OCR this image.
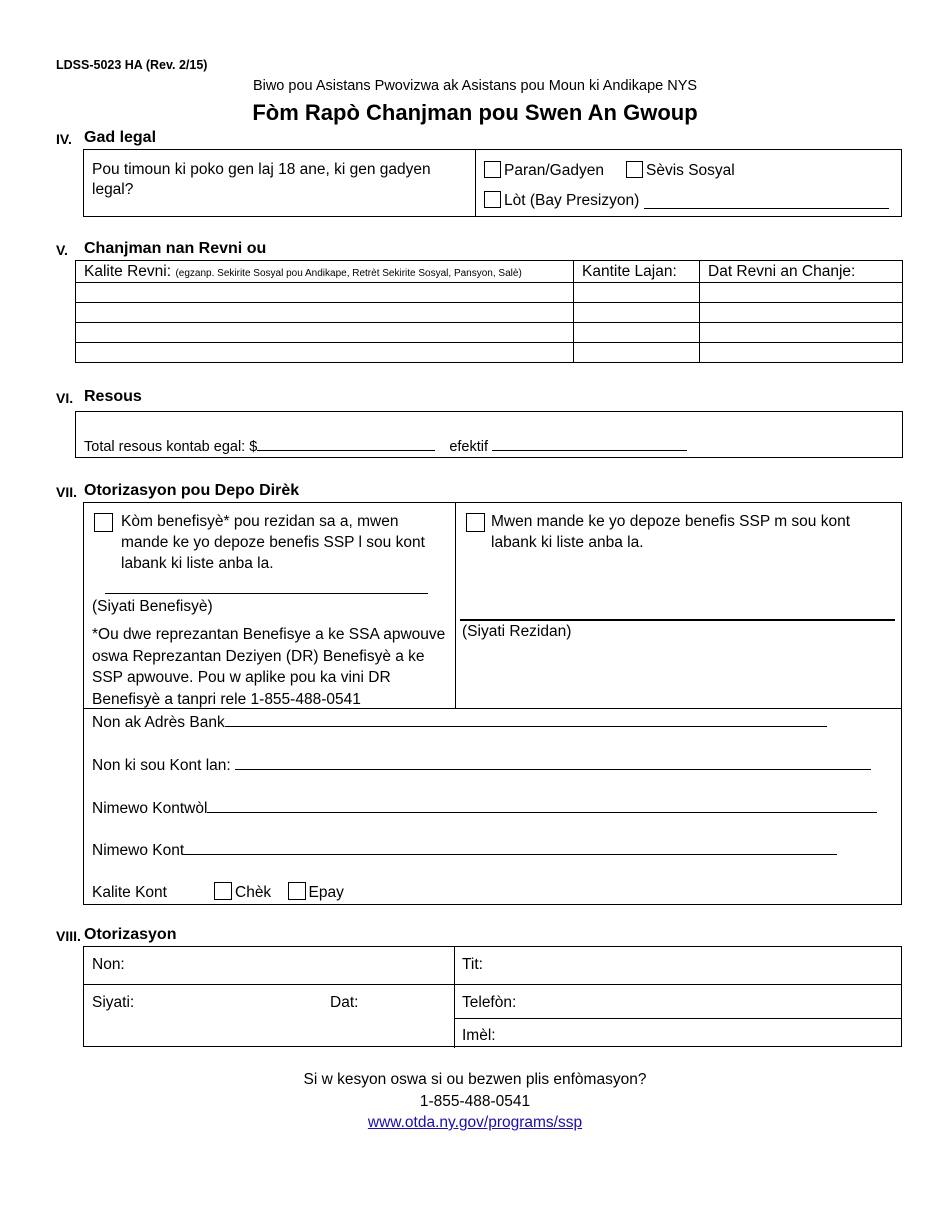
LDSS-5023 HA (Rev. 2/15)
Biwo pou Asistans Pwovizwa ak Asistans pou Moun ki Andikape NYS
Fòm Rapò Chanjman pou Swen An Gwoup
IV. Gad legal
Pou timoun ki poko gen laj 18 ane, ki gen gadyen legal?
Paran/Gadyen	Sèvis Sosyal
Lòt (Bay Presizyon)
V. Chanjman nan Revni ou
Kalite Revni: (egzanp. Sekirite Sosyal pou Andikape, Retrèt Sekirite Sosyal, Pansyon, Salè)	Kantite Lajan:	Dat Revni an Chanje:

VI. Resous
Total resous kontab egal: $	efektif
VII. Otorizasyon pou Depo Dirèk
Kòm benefisyè* pou rezidan sa a, mwen mande ke yo depoze benefis SSP l sou kont labank ki liste anba la.
(Siyati Benefisyè)
*Ou dwe reprezantan Benefisye a ke SSA apwouve oswa Reprezantan Deziyen (DR) Benefisyè a ke SSP apwouve. Pou w aplike pou ka vini DR Benefisyè a tanpri rele 1-855-488-0541
Mwen mande ke yo depoze benefis SSP m sou kont labank ki liste anba la.
(Siyati Rezidan)
Non ak Adrès Bank
Non ki sou Kont lan:
Nimewo Kontwòl
Nimewo Kont
Kalite Kont	Chèk Epay
VIII. Otorizasyon
Non:
Siyati:	Dat:
Tit:
Telefòn:
Imèl:
Si w kesyon oswa si ou bezwen plis enfòmasyon?
1-855-488-0541
www.otda.ny.gov/programs/ssp
